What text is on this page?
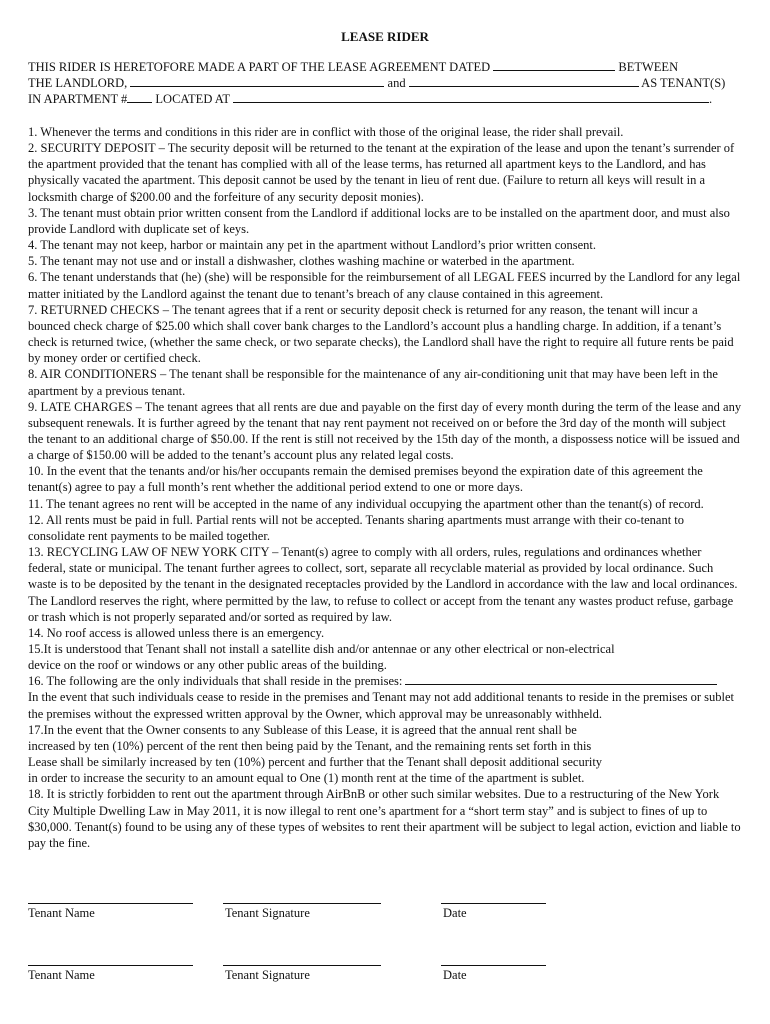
LEASE RIDER
THIS RIDER IS HERETOFORE MADE A PART OF THE LEASE AGREEMENT DATED	BETWEEN
THE LANDLORD,	and	AS TENANT(S)
IN APARTMENT # LOCATED AT	.

1. Whenever the terms and conditions in this rider are in conflict with those of the original lease, the rider shall prevail.

2. SECURITY DEPOSIT – The security deposit will be returned to the tenant at the expiration of the lease and upon the tenant’s surrender of the apartment provided that the tenant has complied with all of the lease terms, has returned all apartment keys to the Landlord, and has physically vacated the apartment. This deposit cannot be used by the tenant in lieu of rent due. (Failure to return all keys will result in a locksmith charge of $200.00 and the forfeiture of any security deposit monies).

3. The tenant must obtain prior written consent from the Landlord if additional locks are to be installed on the apartment door, and must also provide Landlord with duplicate set of keys.

4. The tenant may not keep, harbor or maintain any pet in the apartment without Landlord’s prior written consent.

5. The tenant may not use and or install a dishwasher, clothes washing machine or waterbed in the apartment.

6. The tenant understands that (he) (she) will be responsible for the reimbursement of all LEGAL FEES incurred by the Landlord for any legal matter initiated by the Landlord against the tenant due to tenant’s breach of any clause contained in this agreement.

7. RETURNED CHECKS – The tenant agrees that if a rent or security deposit check is returned for any reason, the tenant will incur a bounced check charge of $25.00 which shall cover bank charges to the Landlord’s account plus a handling charge. In addition, if a tenant’s check is returned twice, (whether the same check, or two separate checks), the Landlord shall have the right to require all future rents be paid by money order or certified check.

8. AIR CONDITIONERS – The tenant shall be responsible for the maintenance of any air-conditioning unit that may have been left in the apartment by a previous tenant.

9. LATE CHARGES – The tenant agrees that all rents are due and payable on the first day of every month during the term of the lease and any subsequent renewals. It is further agreed by the tenant that nay rent payment not received on or before the 3rd day of the month will subject the tenant to an additional charge of $50.00. If the rent is still not received by the 15th day of the month, a dispossess notice will be issued and a charge of $150.00 will be added to the tenant’s account plus any related legal costs.

10. In the event that the tenants and/or his/her occupants remain the demised premises beyond the expiration date of this agreement the tenant(s) agree to pay a full month’s rent whether the additional period extend to one or more days.

11. The tenant agrees no rent will be accepted in the name of any individual occupying the apartment other than the tenant(s) of record.

12. All rents must be paid in full. Partial rents will not be accepted. Tenants sharing apartments must arrange with their co-tenant to consolidate rent payments to be mailed together.

13. RECYCLING LAW OF NEW YORK CITY – Tenant(s) agree to comply with all orders, rules, regulations and ordinances whether federal, state or municipal. The tenant further agrees to collect, sort, separate all recyclable material as provided by local ordinance. Such waste is to be deposited by the tenant in the designated receptacles provided by the Landlord in accordance with the law and local ordinances. The Landlord reserves the right, where permitted by the law, to refuse to collect or accept from the tenant any wastes product refuse, garbage or trash which is not properly separated and/or sorted as required by law.

14. No roof access is allowed unless there is an emergency.

15.It is understood that Tenant shall not install a satellite dish and/or antennae or any other electrical or non-electrical
device on the roof or windows or any other public areas of the building.

16. The following are the only individuals that shall reside in the premises:
In the event that such individuals cease to reside in the premises and Tenant may not add additional tenants to reside in the premises or sublet the premises without the expressed written approval by the Owner, which approval may be unreasonably withheld.

17.In the event that the Owner consents to any Sublease of this Lease, it is agreed that the annual rent shall be
increased by ten (10%) percent of the rent then being paid by the Tenant, and the remaining rents set forth in this
Lease shall be similarly increased by ten (10%) percent and further that the Tenant shall deposit additional security
in order to increase the security to an amount equal to One (1) month rent at the time of the apartment is sublet.

18. It is strictly forbidden to rent out the apartment through AirBnB or other such similar websites. Due to a restructuring of the New York City Multiple Dwelling Law in May 2011, it is now illegal to rent one’s apartment for a “short term stay” and is subject to fines of up to $30,000. Tenant(s) found to be using any of these types of websites to rent their apartment will be subject to legal action, eviction and liable to pay the fine.

Tenant Name	Tenant Signature	Date
Tenant Name	Tenant Signature	Date
